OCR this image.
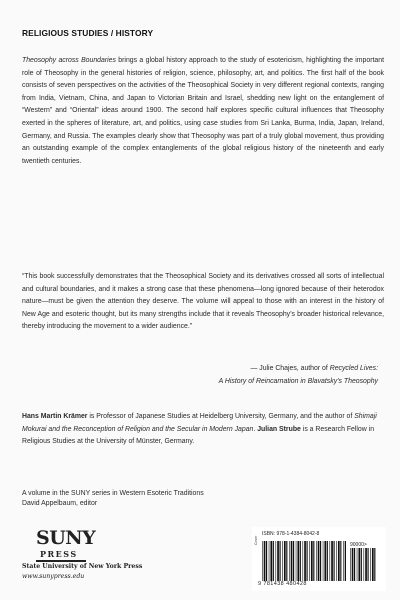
RELIGIOUS STUDIES / HISTORY

Theosophy across Boundaries brings a global history approach to the study of esotericism, highlighting the important role of Theosophy in the general histories of religion, science, philosophy, art, and politics. The first half of the book consists of seven perspectives on the activities of the Theosophical Society in very different regional contexts, ranging from India, Vietnam, China, and Japan to Victorian Britain and Israel, shedding new light on the entanglement of “Western” and “Oriental” ideas around 1900. The second half explores specific cultural influences that Theosophy exerted in the spheres of literature, art, and politics, using case studies from Sri Lanka, Burma, India, Japan, Ireland, Germany, and Russia. The examples clearly show that Theosophy was part of a truly global movement, thus providing an outstanding example of the complex entanglements of the global religious history of the nineteenth and early twentieth centuries.

“This book successfully demonstrates that the Theosophical Society and its derivatives crossed all sorts of intellectual and cultural boundaries, and it makes a strong case that these phenomena—long ignored because of their heterodox nature—must be given the attention they deserve. The volume will appeal to those with an interest in the history of New Age and esoteric thought, but its many strengths include that it reveals Theosophy’s broader historical relevance, thereby introducing the movement to a wider audience.”

— Julie Chajes, author of Recycled Lives:
A History of Reincarnation in Blavatsky’s Theosophy

Hans Martin Krämer is Professor of Japanese Studies at Heidelberg University, Germany, and the author of Shimaji Mokurai and the Reconception of Religion and the Secular in Modern Japan. Julian Strube is a Research Fellow in Religious Studies at the University of Münster, Germany.

A volume in the SUNY series in Western Esoteric Traditions
David Appelbaum, editor
SUNY
PRESS
State University of New York Press
www.sunypress.edu
Cover
ISBN: 978-1-4384-8042-8
90000>
9 781438 480428
